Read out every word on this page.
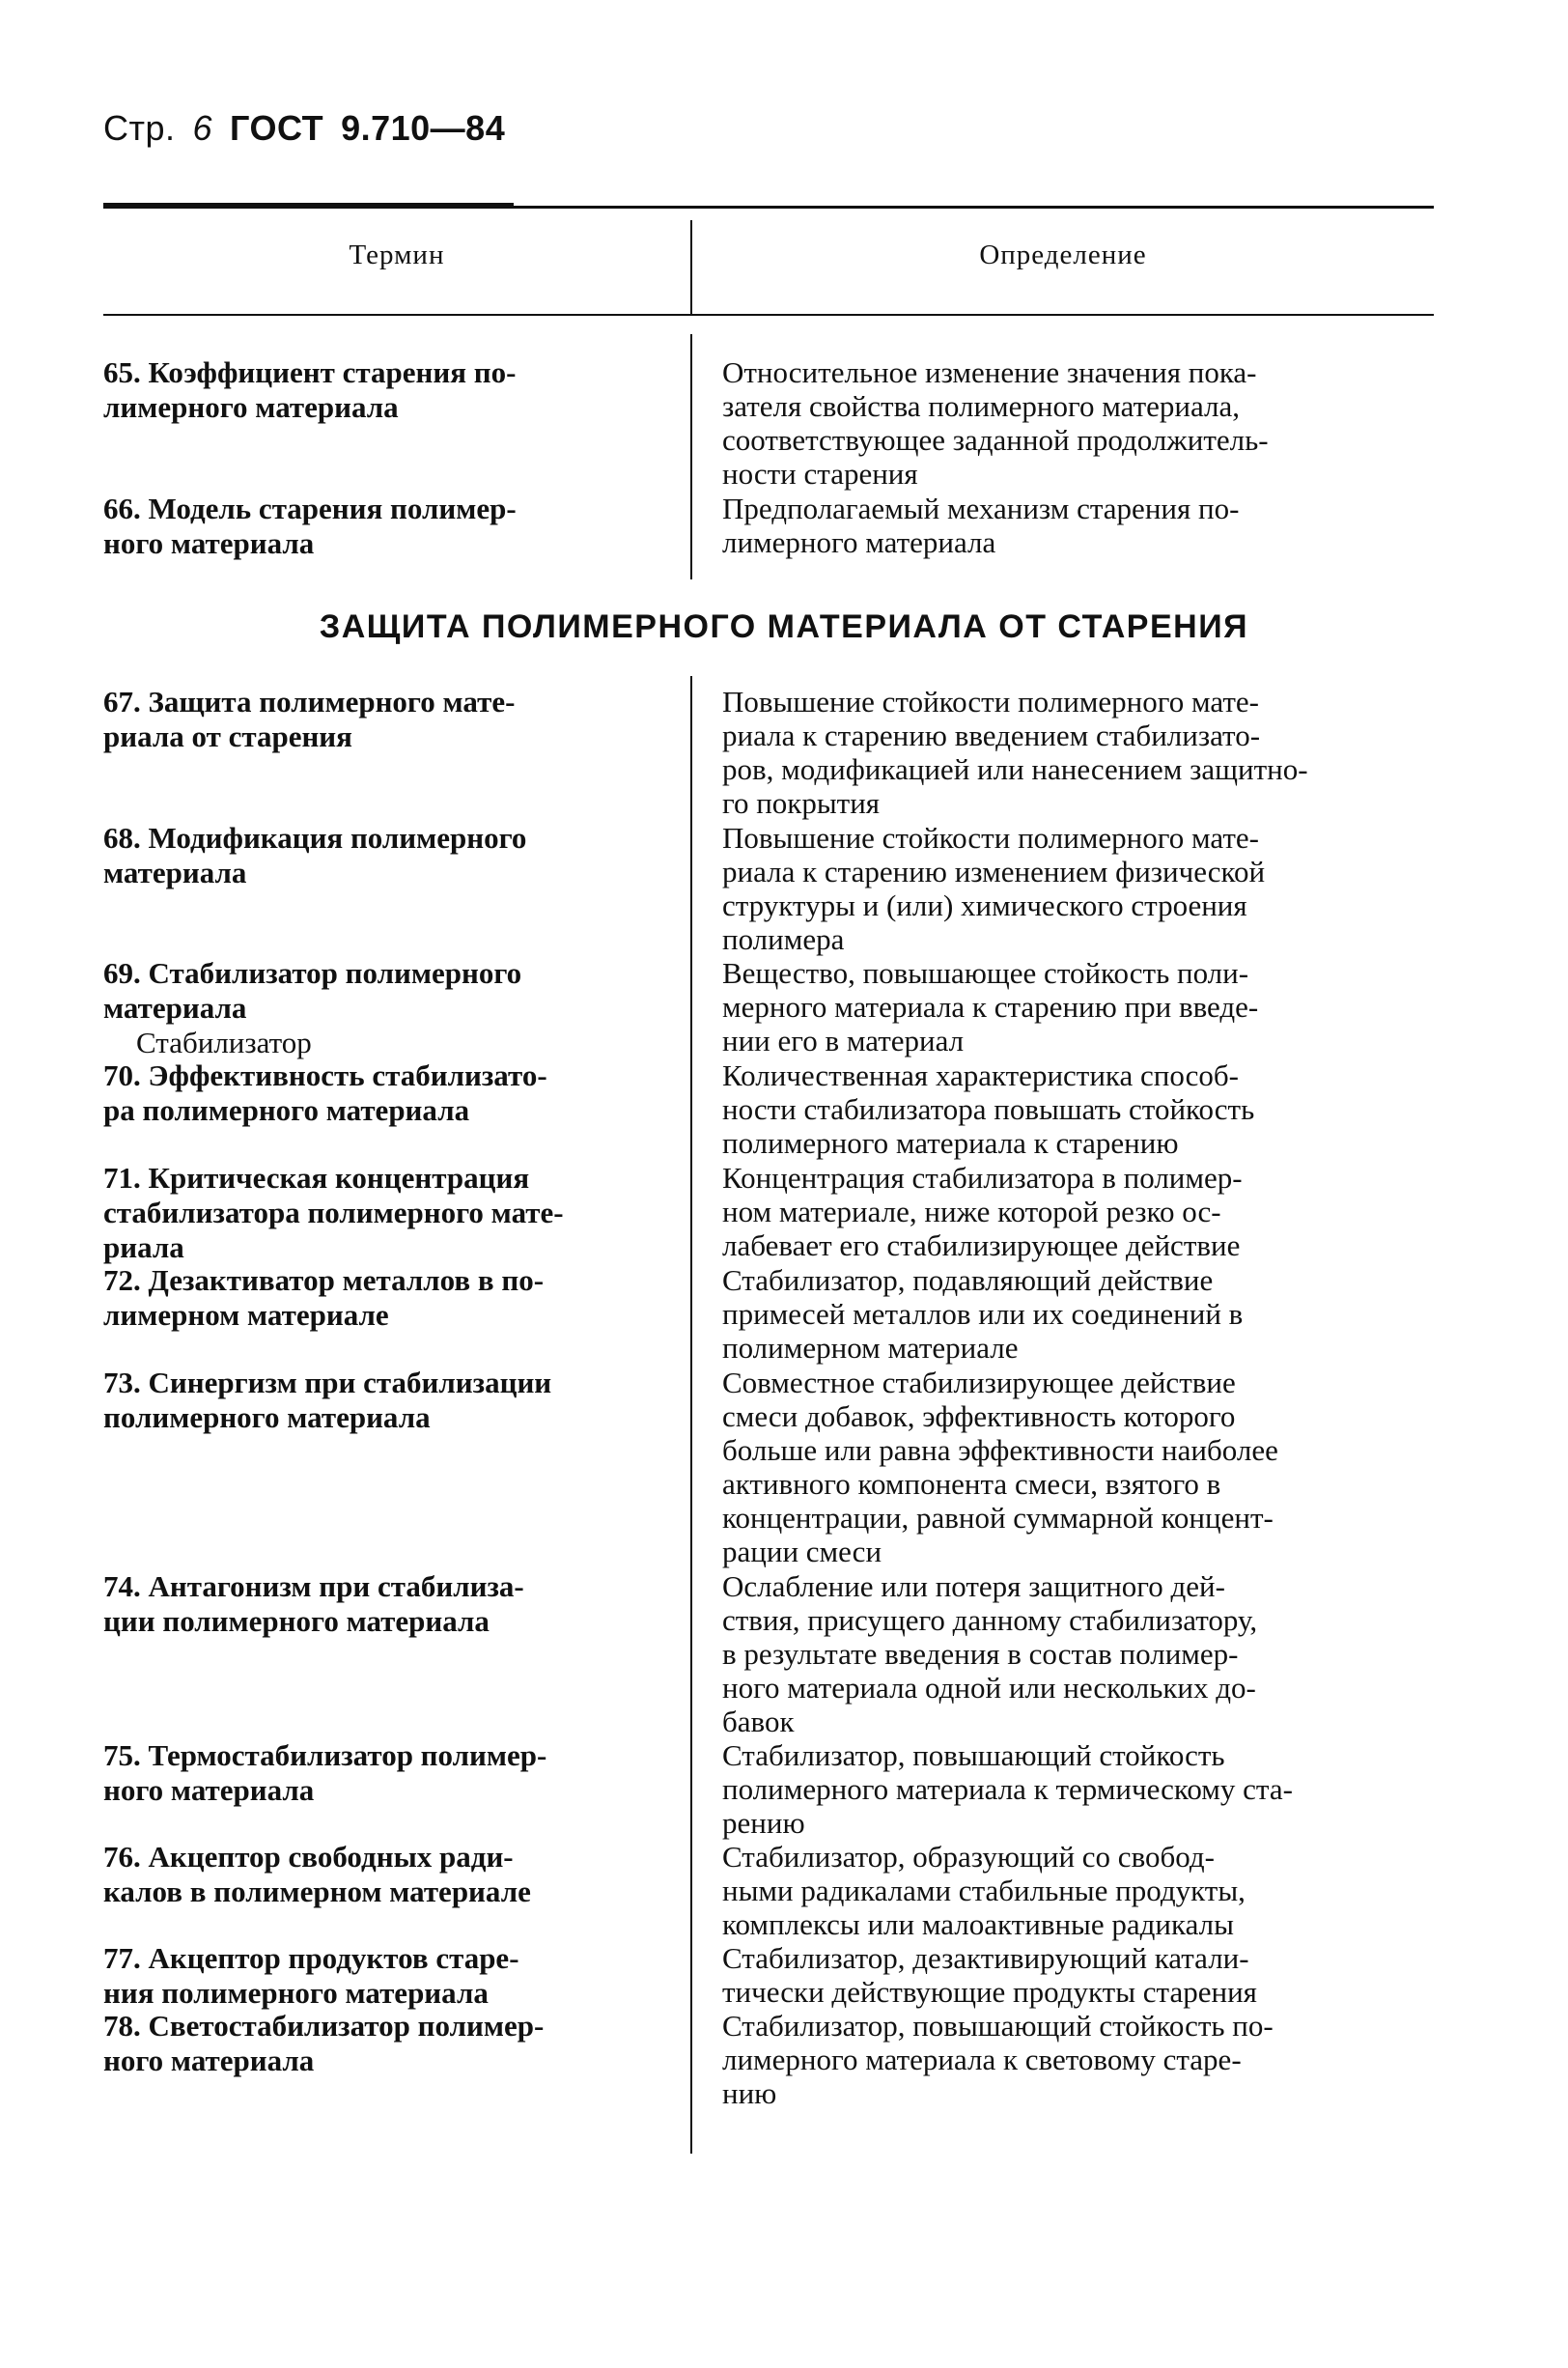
Стр. 6 ГОСТ 9.710—84
Термин	Определение
65. Коэффициент старения по-
лимерного материала
Относительное изменение значения пока-
зателя свойства полимерного материала,
соответствующее заданной продолжитель-
ности старения
66. Модель старения полимер-
ного материала
Предполагаемый механизм старения по-
лимерного материала
ЗАЩИТА ПОЛИМЕРНОГО МАТЕРИАЛА ОТ СТАРЕНИЯ
67. Защита полимерного мате-
риала от старения
Повышение стойкости полимерного мате-
риала к старению введением стабилизато-
ров, модификацией или нанесением защитно-
го покрытия
68. Модификация полимерного
материала
Повышение стойкости полимерного мате-
риала к старению изменением физической
структуры и (или) химического строения
полимера
69. Стабилизатор полимерного
материала
Стабилизатор
Вещество, повышающее стойкость поли-
мерного материала к старению при введе-
нии его в материал
70. Эффективность стабилизато-
ра полимерного материала
Количественная характеристика способ-
ности стабилизатора повышать стойкость
полимерного материала к старению
71. Критическая концентрация
стабилизатора полимерного мате-
риала
Концентрация стабилизатора в полимер-
ном материале, ниже которой резко ос-
лабевает его стабилизирующее действие
72. Дезактиватор металлов в по-
лимерном материале
Стабилизатор, подавляющий действие
примесей металлов или их соединений в
полимерном материале
73. Синергизм при стабилизации
полимерного материала
Совместное стабилизирующее действие
смеси добавок, эффективность которого
больше или равна эффективности наиболее
активного компонента смеси, взятого в
концентрации, равной суммарной концент-
рации смеси
74. Антагонизм при стабилиза-
ции полимерного материала
Ослабление или потеря защитного дей-
ствия, присущего данному стабилизатору,
в результате введения в состав полимер-
ного материала одной или нескольких до-
бавок
75. Термостабилизатор полимер-
ного материала
Стабилизатор, повышающий стойкость
полимерного материала к термическому ста-
рению
76. Акцептор свободных ради-
калов в полимерном материале
Стабилизатор, образующий со свобод-
ными радикалами стабильные продукты,
комплексы или малоактивные радикалы
77. Акцептор продуктов старе-
ния полимерного материала
Стабилизатор, дезактивирующий катали-
тически действующие продукты старения
78. Светостабилизатор полимер-
ного материала
Стабилизатор, повышающий стойкость по-
лимерного материала к световому старе-
нию
